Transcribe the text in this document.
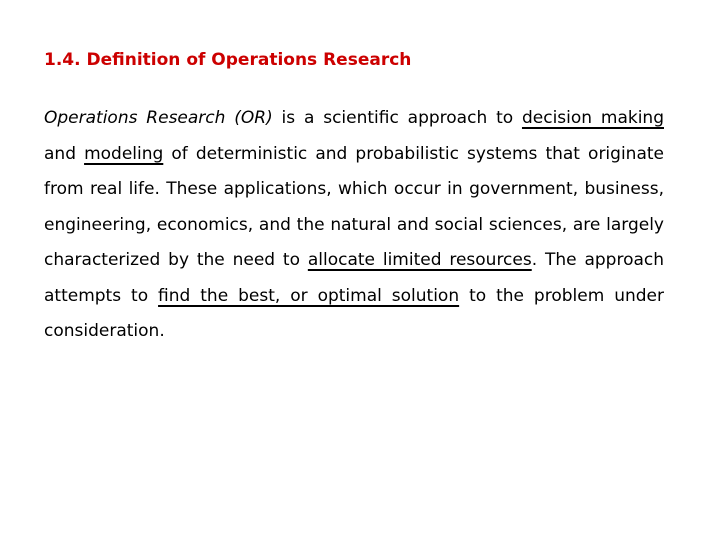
1.4. Definition of Operations Research

Operations Research (OR) is a scientific approach to decision making and modeling of deterministic and probabilistic systems that originate from real life. These applications, which occur in government, business, engineering, economics, and the natural and social sciences, are largely characterized by the need to allocate limited resources. The approach attempts to find the best, or optimal solution to the problem under consideration.
